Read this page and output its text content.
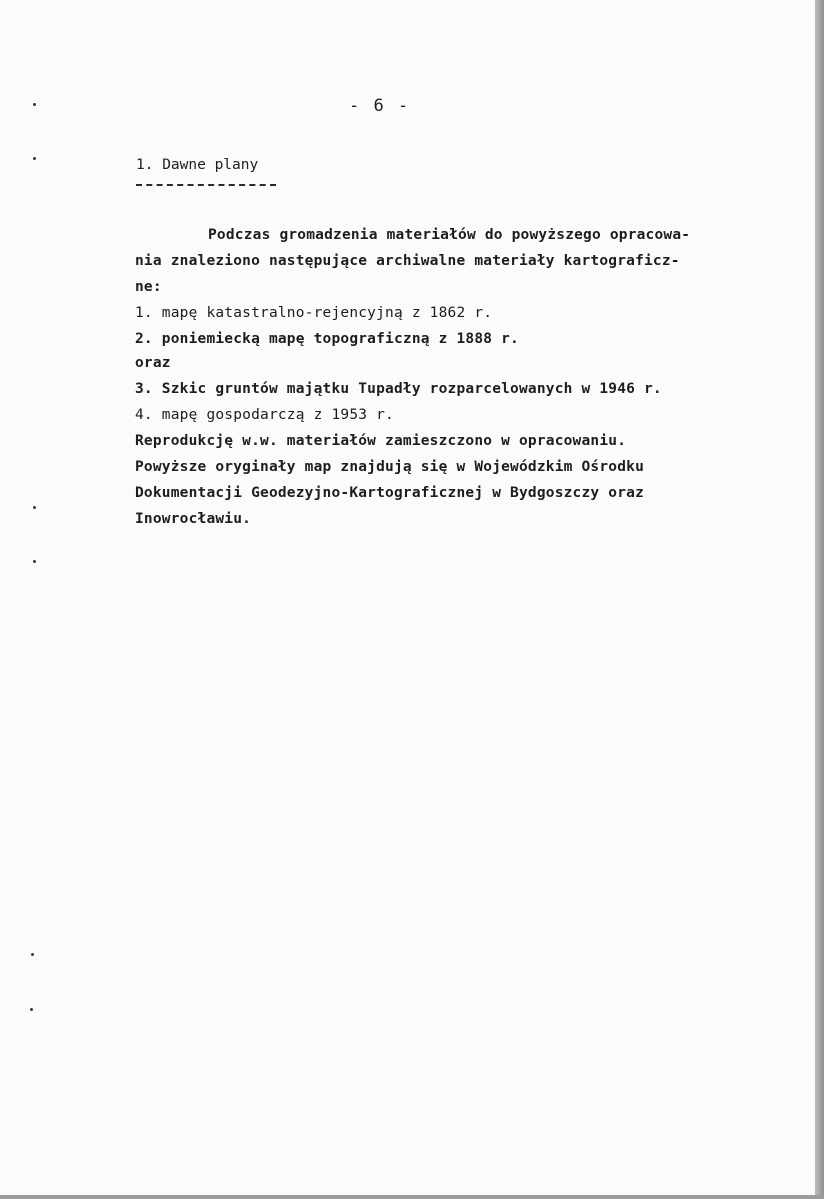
- 6 -
1. Dawne plany
Podczas gromadzenia materiałów do powyższego opracowa-
nia znaleziono następujące archiwalne materiały kartograficz-
ne:
1. mapę katastralno-rejencyjną z 1862 r.
2. poniemiecką mapę topograficzną z 1888 r.
oraz
3. Szkic gruntów majątku Tupadły rozparcelowanych w 1946 r.
4. mapę gospodarczą z 1953 r.
Reprodukcję w.w. materiałów zamieszczono w opracowaniu.
Powyższe oryginały map znajdują się w Wojewódzkim Ośrodku
Dokumentacji Geodezyjno-Kartograficznej w Bydgoszczy oraz
Inowrocławiu.
